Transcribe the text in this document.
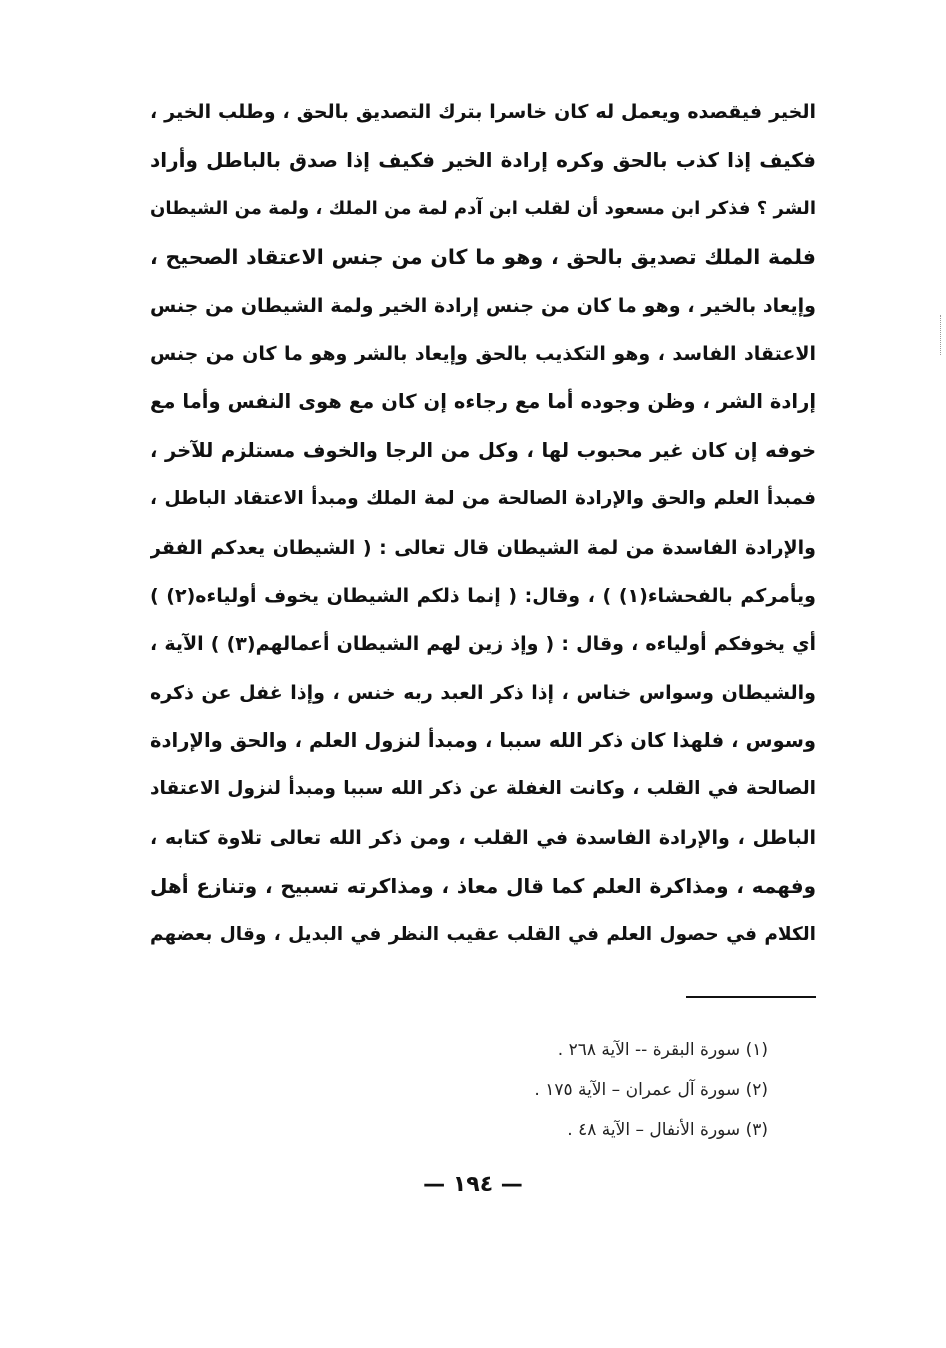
الخير فيقصده ويعمل له كان خاسرا بترك التصديق بالحق ، وطلب الخير ،
فكيف إذا كذب بالحق وكره إرادة الخير فكيف إذا صدق بالباطل وأراد
الشر ؟ فذكر ابن مسعود أن لقلب ابن آدم لمة من الملك ، ولمة من الشيطان
فلمة الملك تصديق بالحق ، وهو ما كان من جنس الاعتقاد الصحيح ،
وإيعاد بالخير ، وهو ما كان من جنس إرادة الخير ولمة الشيطان من جنس
الاعتقاد الفاسد ، وهو التكذيب بالحق وإيعاد بالشر وهو ما كان من جنس
إرادة الشر ، وظن وجوده أما مع رجاءه إن كان مع هوى النفس وأما مع
خوفه إن كان غير محبوب لها ، وكل من الرجا والخوف مستلزم للآخر ،
فمبدأ العلم والحق والإرادة الصالحة من لمة الملك ومبدأ الاعتقاد الباطل ،
والإرادة الفاسدة من لمة الشيطان قال تعالى : ( الشيطان يعدكم الفقر
ويأمركم بالفحشاء(١) ) ، وقال: ( إنما ذلكم الشيطان يخوف أولياءه(٢) )
أي يخوفكم أولياءه ، وقال : ( وإذ زين لهم الشيطان أعمالهم(٣) ) الآية ،
والشيطان وسواس خناس ، إذا ذكر العبد ربه خنس ، وإذا غفل عن ذكره
وسوس ، فلهذا كان ذكر الله سببا ، ومبدأ لنزول العلم ، والحق والإرادة
الصالحة في القلب ، وكانت الغفلة عن ذكر الله سببا ومبدأ لنزول الاعتقاد
الباطل ، والإرادة الفاسدة في القلب ، ومن ذكر الله تعالى تلاوة كتابه ،
وفهمه ، ومذاكرة العلم كما قال معاذ ، ومذاكرته تسبيح ، وتنازع أهل
الكلام في حصول العلم في القلب عقيب النظر في البديل ، وقال بعضهم
(١) سورة البقرة -- الآية ٢٦٨ .
(٢) سورة آل عمران – الآية ١٧٥ .
(٣) سورة الأنفال – الآية ٤٨ .
— ١٩٤ —
